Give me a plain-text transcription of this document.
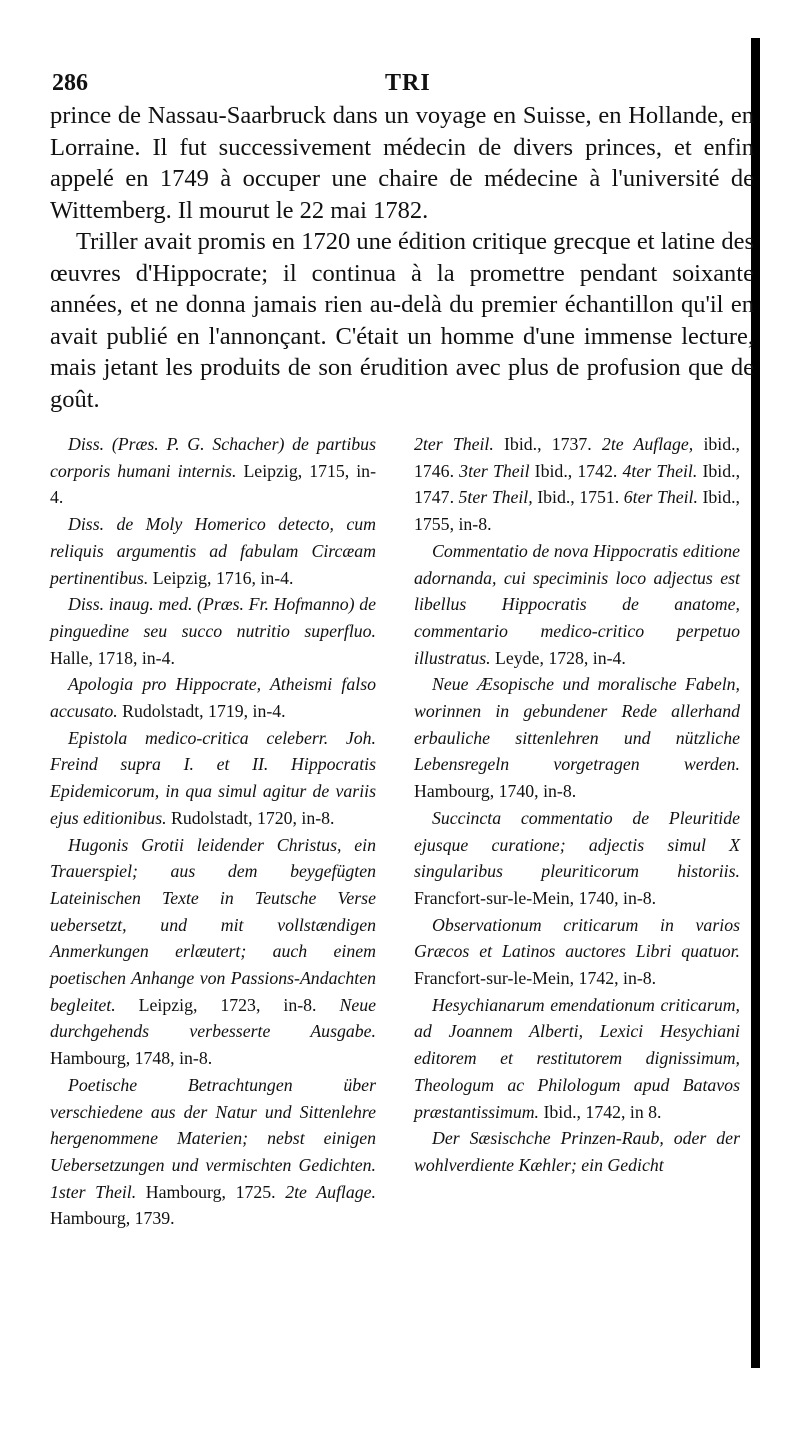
286	TRI

prince de Nassau-Saarbruck dans un voyage en Suisse, en Hollande, en Lorraine. Il fut successivement médecin de divers princes, et enfin appelé en 1749 à occuper une chaire de médecine à l'université de Wittemberg. Il mourut le 22 mai 1782.

Triller avait promis en 1720 une édition critique grecque et latine des œuvres d'Hippocrate; il continua à la promettre pendant soixante années, et ne donna jamais rien au-delà du premier échantillon qu'il en avait publié en l'annonçant. C'était un homme d'une immense lecture, mais jetant les produits de son érudition avec plus de profusion que de goût.

Diss. (Præs. P. G. Schacher) de partibus corporis humani internis. Leipzig, 1715, in-4.

Diss. de Moly Homerico detecto, cum reliquis argumentis ad fabulam Circæam pertinentibus. Leipzig, 1716, in-4.

Diss. inaug. med. (Præs. Fr. Hofmanno) de pinguedine seu succo nutritio superfluo. Halle, 1718, in-4.

Apologia pro Hippocrate, Atheismi falso accusato. Rudolstadt, 1719, in-4.

Epistola medico-critica celeberr. Joh. Freind supra I. et II. Hippocratis Epidemicorum, in qua simul agitur de variis ejus editionibus. Rudolstadt, 1720, in-8.

Hugonis Grotii leidender Christus, ein Trauerspiel; aus dem beygefügten Lateinischen Texte in Teutsche Verse uebersetzt, und mit vollstændigen Anmerkungen erlæutert; auch einem poetischen Anhange von Passions-Andachten begleitet. Leipzig, 1723, in-8. Neue durchgehends verbesserte Ausgabe. Hambourg, 1748, in-8.

Poetische Betrachtungen über verschiedene aus der Natur und Sittenlehre hergenommene Materien; nebst einigen Uebersetzungen und vermischten Gedichten. 1ster Theil. Hambourg, 1725. 2te Auflage. Hambourg, 1739.

2ter Theil. Ibid., 1737. 2te Auflage, ibid., 1746. 3ter Theil Ibid., 1742. 4ter Theil. Ibid., 1747. 5ter Theil, Ibid., 1751. 6ter Theil. Ibid., 1755, in-8.

Commentatio de nova Hippocratis editione adornanda, cui speciminis loco adjectus est libellus Hippocratis de anatome, commentario medico-critico perpetuo illustratus. Leyde, 1728, in-4.

Neue Æsopische und moralische Fabeln, worinnen in gebundener Rede allerhand erbauliche sittenlehren und nützliche Lebensregeln vorgetragen werden. Hambourg, 1740, in-8.

Succincta commentatio de Pleuritide ejusque curatione; adjectis simul X singularibus pleuriticorum historiis. Francfort-sur-le-Mein, 1740, in-8.

Observationum criticarum in varios Græcos et Latinos auctores Libri quatuor. Francfort-sur-le-Mein, 1742, in-8.

Hesychianarum emendationum criticarum, ad Joannem Alberti, Lexici Hesychiani editorem et restitutorem dignissimum, Theologum ac Philologum apud Batavos præstantissimum. Ibid., 1742, in 8.

Der Sæsischche Prinzen-Raub, oder der wohlverdiente Kæhler; ein Gedicht
